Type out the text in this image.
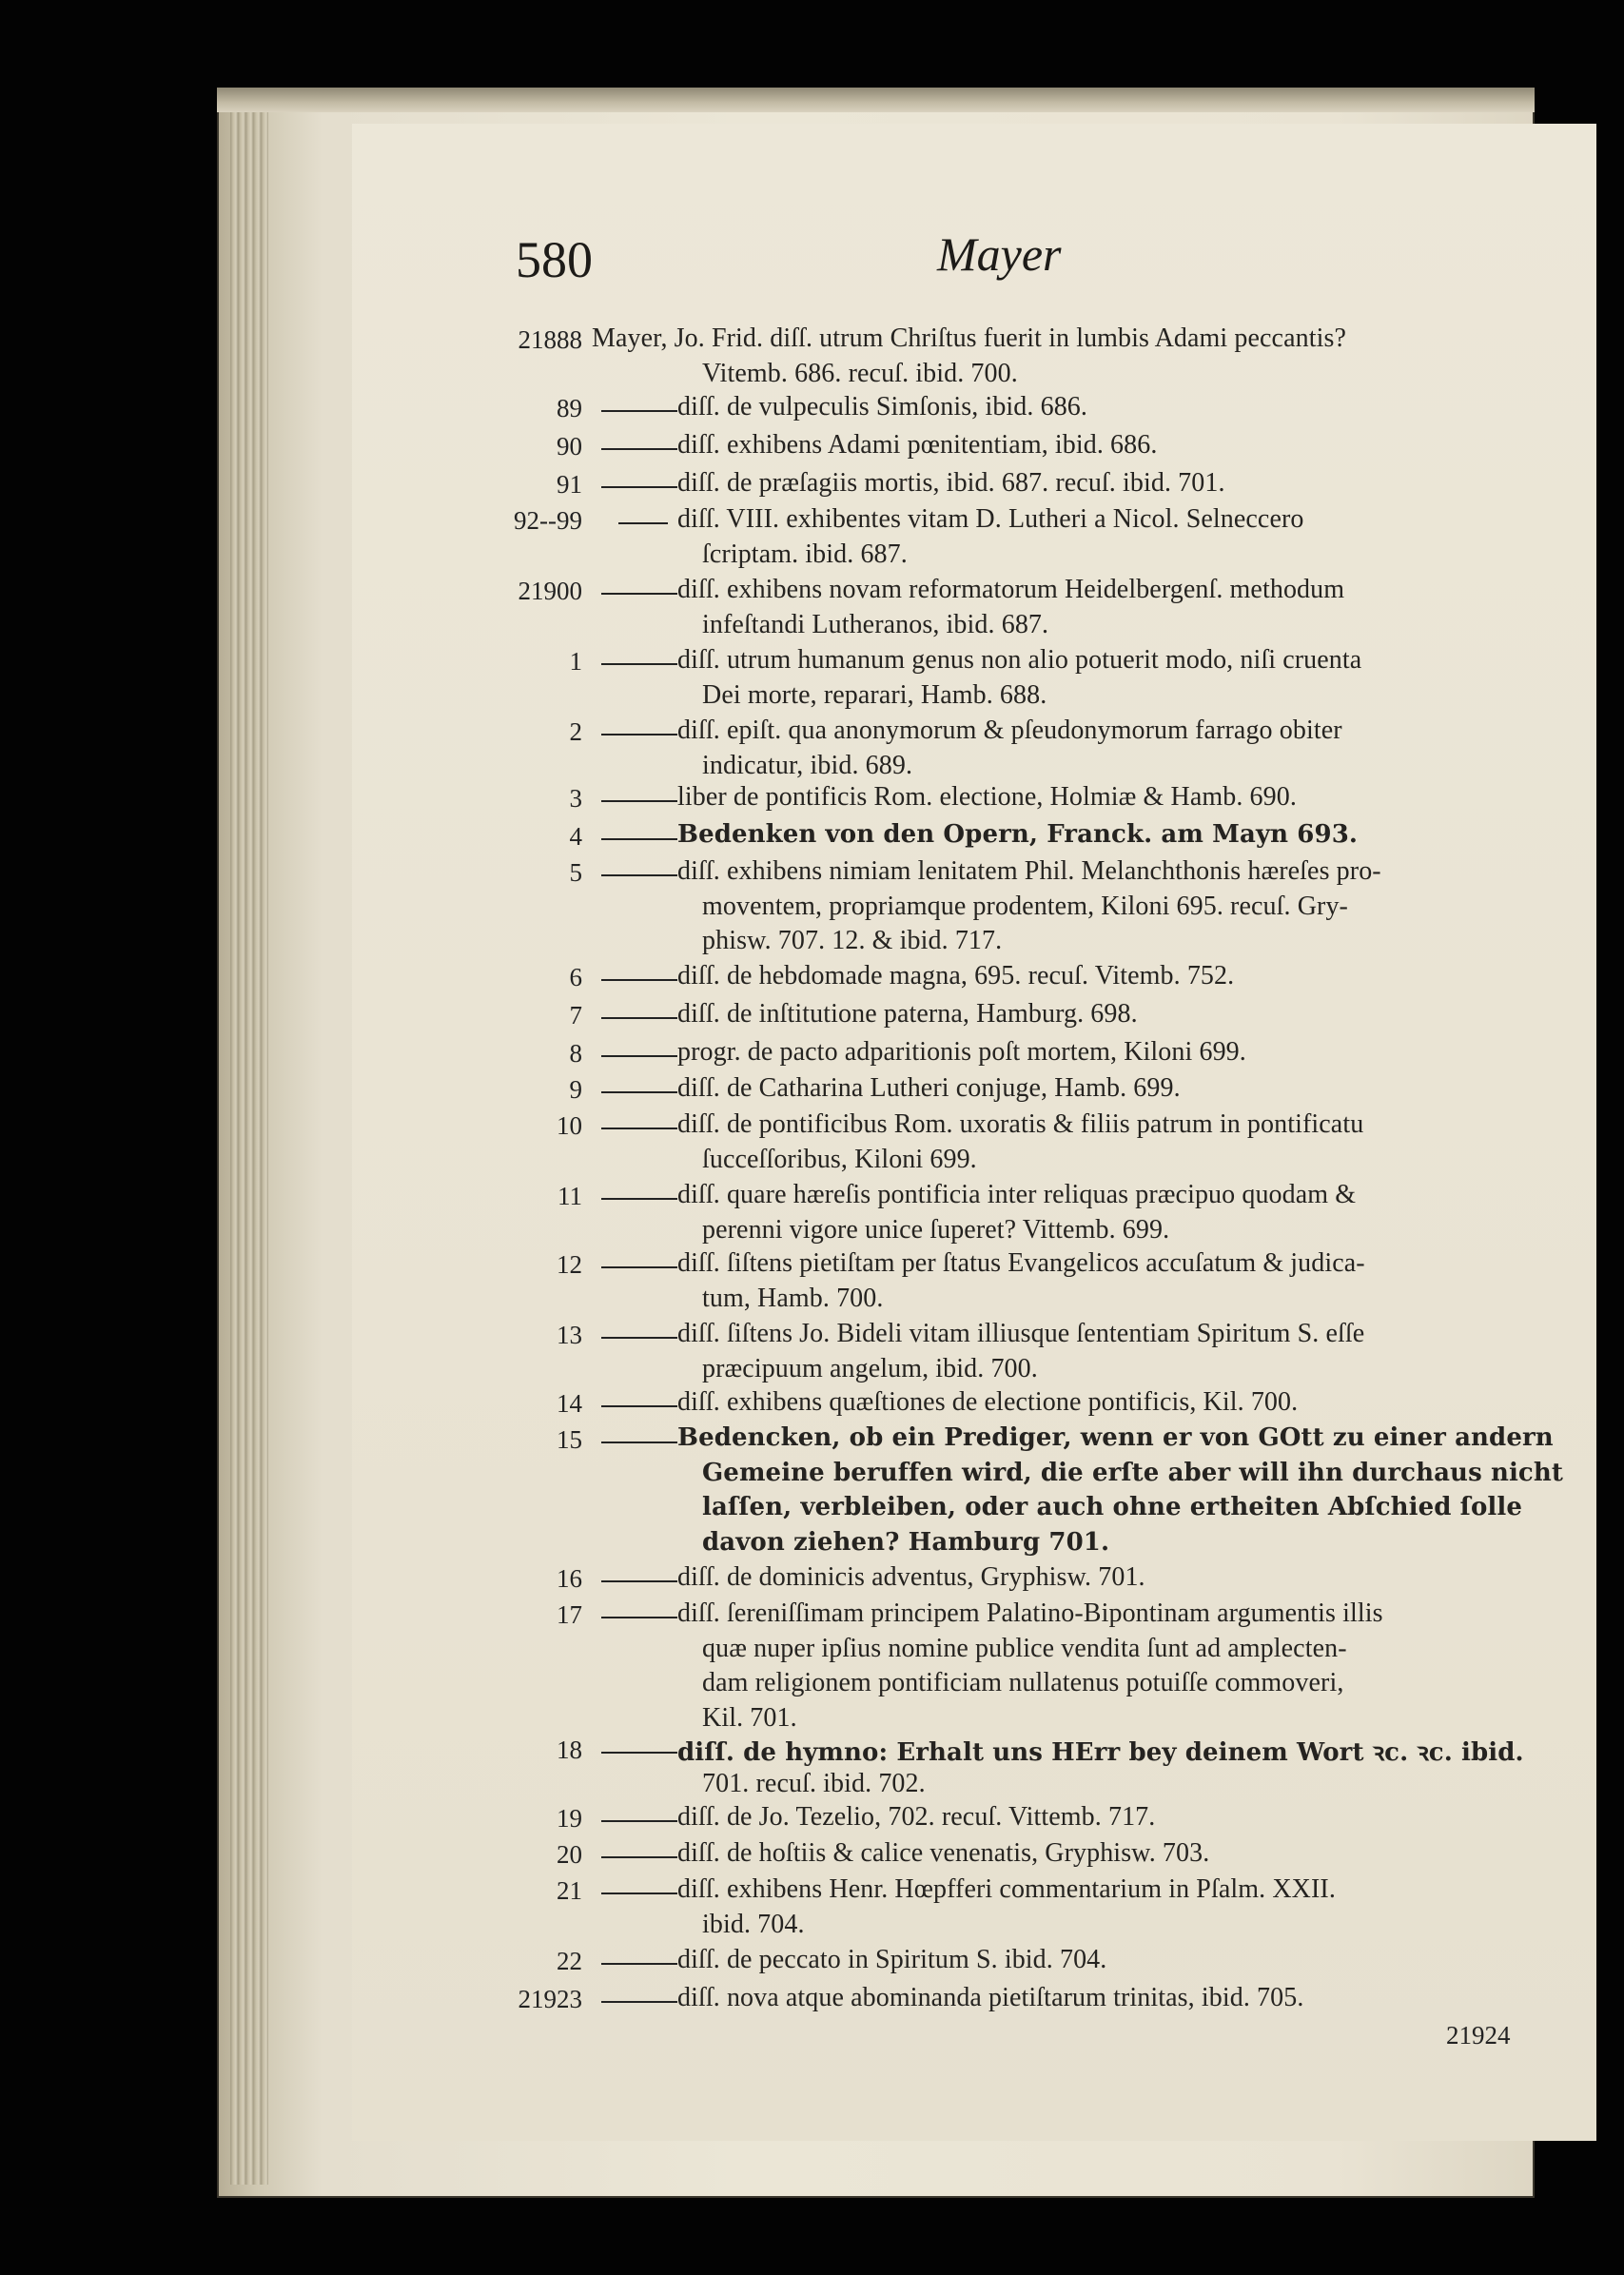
580	Mayer
21888 Mayer, Jo. Frid. diſſ. utrum Chriſtus fuerit in lumbis Adami peccantis?
Vitemb. 686. recuſ. ibid. 700.
89	diſſ. de vulpeculis Simſonis, ibid. 686.
90	diſſ. exhibens Adami pœnitentiam, ibid. 686.
91	diſſ. de præſagiis mortis, ibid. 687. recuſ. ibid. 701.
92--99	diſſ. VIII. exhibentes vitam D. Lutheri a Nicol. Selneccero
ſcriptam. ibid. 687.
21900	diſſ. exhibens novam reformatorum Heidelbergenſ. methodum
infeſtandi Lutheranos, ibid. 687.
1	diſſ. utrum humanum genus non alio potuerit modo, niſi cruenta
Dei morte, reparari, Hamb. 688.
2	diſſ. epiſt. qua anonymorum & pſeudonymorum farrago obiter
indicatur, ibid. 689.
3	liber de pontificis Rom. electione, Holmiæ & Hamb. 690.
4	Bedenken von den Opern, Franck. am Mayn 693.
5	diſſ. exhibens nimiam lenitatem Phil. Melanchthonis hæreſes pro-
moventem, propriamque prodentem, Kiloni 695. recuſ. Gry-
phisw. 707. 12. & ibid. 717.
6	diſſ. de hebdomade magna, 695. recuſ. Vitemb. 752.
7	diſſ. de inſtitutione paterna, Hamburg. 698.
8	progr. de pacto adparitionis poſt mortem, Kiloni 699.
9	diſſ. de Catharina Lutheri conjuge, Hamb. 699.
10	diſſ. de pontificibus Rom. uxoratis & filiis patrum in pontificatu
ſucceſſoribus, Kiloni 699.
11	diſſ. quare hæreſis pontificia inter reliquas præcipuo quodam &
perenni vigore unice ſuperet? Vittemb. 699.
12	diſſ. ſiſtens pietiſtam per ſtatus Evangelicos accuſatum & judica-
tum, Hamb. 700.
13	diſſ. ſiſtens Jo. Bideli vitam illiusque ſententiam Spiritum S. eſſe
præcipuum angelum, ibid. 700.
14	diſſ. exhibens quæſtiones de electione pontificis, Kil. 700.
15	Bedencken, ob ein Prediger, wenn er von GOtt zu einer andern
Gemeine beruffen wird, die erſte aber will ihn durchaus nicht
laſſen, verbleiben, oder auch ohne ertheiten Abſchied ſolle
davon ziehen? Hamburg 701.
16	diſſ. de dominicis adventus, Gryphisw. 701.
17	diſſ. ſereniſſimam principem Palatino-Bipontinam argumentis illis
quæ nuper ipſius nomine publice vendita ſunt ad amplecten-
dam religionem pontificiam nullatenus potuiſſe commoveri,
Kil. 701.
18	diſſ. de hymno: Erhalt uns HErr bey deinem Wort ꝛc. ꝛc. ibid.
701. recuſ. ibid. 702.
19	diſſ. de Jo. Tezelio, 702. recuſ. Vittemb. 717.
20	diſſ. de hoſtiis & calice venenatis, Gryphisw. 703.
21	diſſ. exhibens Henr. Hœpfferi commentarium in Pſalm. XXII.
ibid. 704.
22	diſſ. de peccato in Spiritum S. ibid. 704.
21923	diſſ. nova atque abominanda pietiſtarum trinitas, ibid. 705.
21924
